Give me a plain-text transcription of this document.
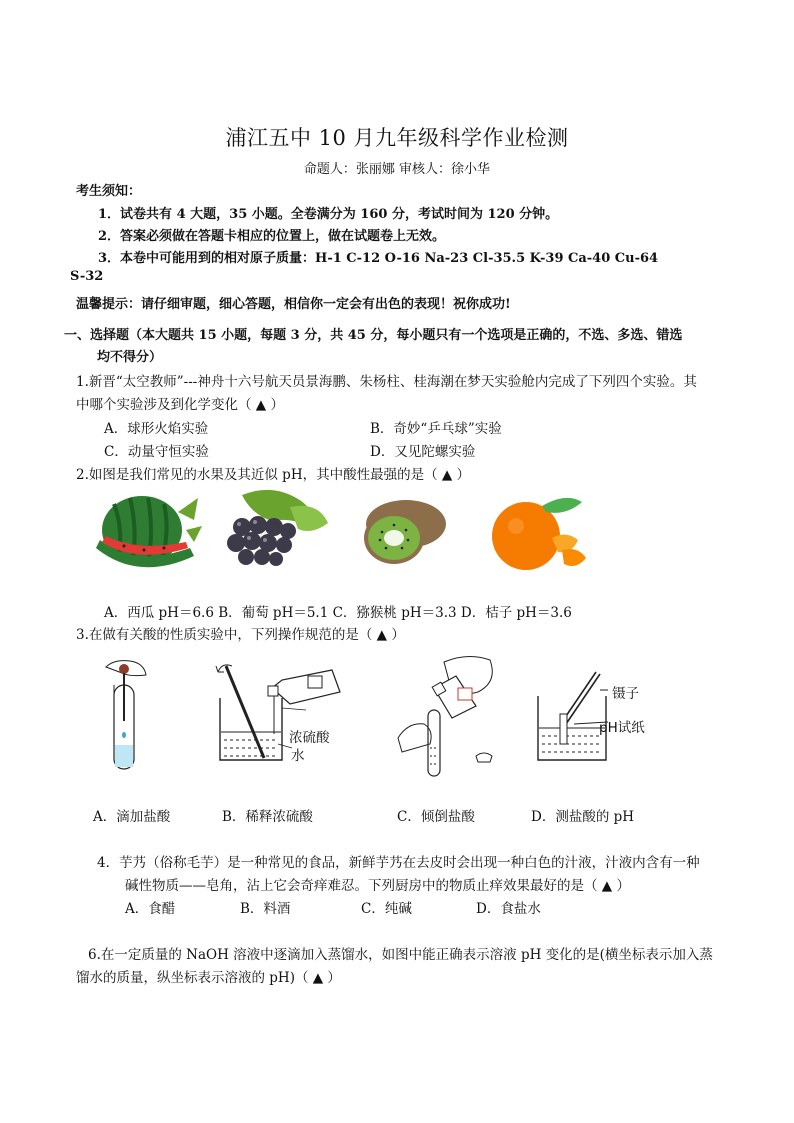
浦江五中 10 月九年级科学作业检测
命题人：张丽娜 审核人：徐小华
考生须知：
1．试卷共有 4 大题，35 小题。全卷满分为 160 分，考试时间为 120 分钟。
2．答案必须做在答题卡相应的位置上，做在试题卷上无效。
3．本卷中可能用到的相对原子质量：H-1 C-12 O-16 Na-23 Cl-35.5 K-39 Ca-40 Cu-64
S-32
温馨提示：请仔细审题，细心答题，相信你一定会有出色的表现！祝你成功!
一、选择题（本大题共 15 小题，每题 3 分，共 45 分，每小题只有一个选项是正确的，不选、多选、错选
均不得分）
1.新晋“太空教师”---神舟十六号航天员景海鹏、朱杨柱、桂海潮在梦天实验舱内完成了下列四个实验。其
中哪个实验涉及到化学变化（ ▲ ）
A．球形火焰实验	B．奇妙“乒乓球”实验
C．动量守恒实验	D．又见陀螺实验
2.如图是我们常见的水果及其近似 pH，其中酸性最强的是（ ▲ ）
A．西瓜 pH＝6.6 B．葡萄 pH＝5.1 C．猕猴桃 pH＝3.3 D．桔子 pH＝3.6
3.在做有关酸的性质实验中，下列操作规范的是（ ▲ ）
浓硫酸
水
镊子
pH试纸
A．滴加盐酸	B．稀释浓硫酸	C．倾倒盐酸	D．测盐酸的 pH
4．芋艿（俗称毛芋）是一种常见的食品，新鲜芋艿在去皮时会出现一种白色的汁液，汁液内含有一种
碱性物质——皂角，沾上它会奇痒难忍。下列厨房中的物质止痒效果最好的是（ ▲ ）
A．食醋	B．料酒	C．纯碱	D．食盐水
6.在一定质量的 NaOH 溶液中逐滴加入蒸馏水，如图中能正确表示溶液 pH 变化的是(横坐标表示加入蒸
馏水的质量，纵坐标表示溶液的 pH)（ ▲ ）
